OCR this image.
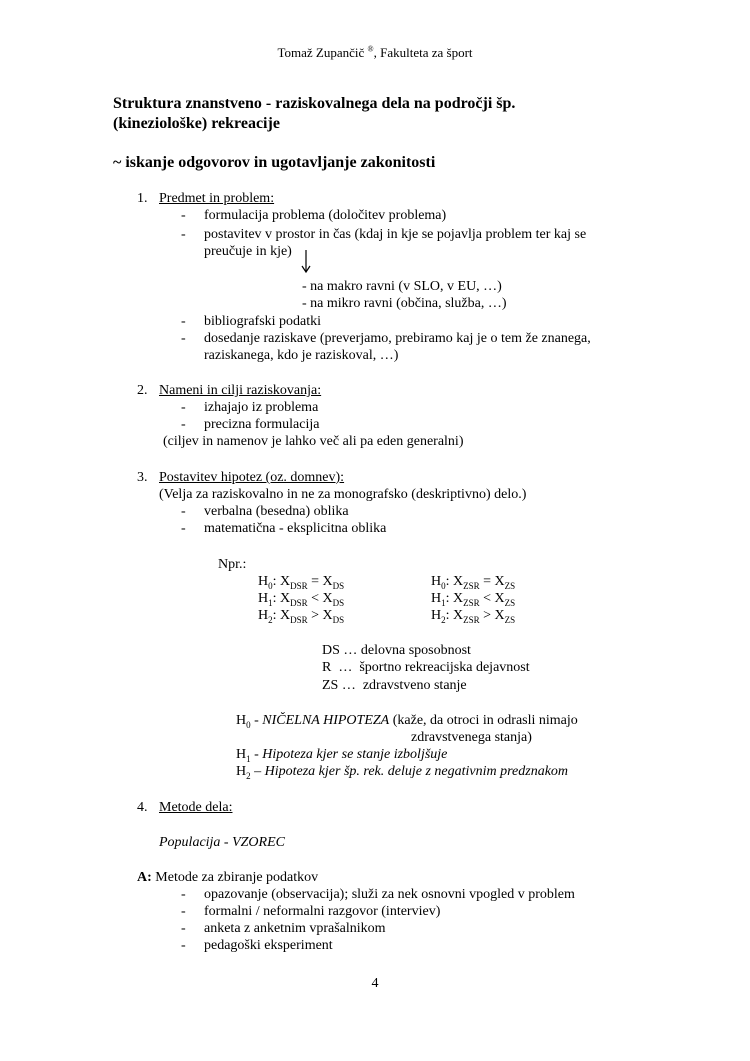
Tomaž Zupančič ®, Fakulteta za šport
Struktura znanstveno - raziskovalnega dela na področji šp.
(kineziološke) rekreacije
~ iskanje odgovorov in ugotavljanje zakonitosti
1. Predmet in problem:
- formulacija problema (določitev problema)
- postavitev v prostor in čas (kdaj in kje se pojavlja problem ter kaj se
preučuje in kje)
- na makro ravni (v SLO, v EU, …)
- na mikro ravni (občina, služba, …)
- bibliografski podatki
- dosedanje raziskave (preverjamo, prebiramo kaj je o tem že znanega,
raziskanega, kdo je raziskoval, …)
2. Nameni in cilji raziskovanja:
- izhajajo iz problema
- precizna formulacija
(ciljev in namenov je lahko več ali pa eden generalni)
3. Postavitev hipotez (oz. domnev):
(Velja za raziskovalno in ne za monografsko (deskriptivno) delo.)
- verbalna (besedna) oblika
- matematična - eksplicitna oblika
Npr.:
$H_0$: $X_{DSR} = X_{DS}$
$H_1$: $X_{DSR} < X_{DS}$
$H_2$: $X_{DSR} > X_{DS}$
$H_0$: $X_{ZSR} = X_{ZS}$
$H_1$: $X_{ZSR} < X_{ZS}$
$H_2$: $X_{ZSR} > X_{ZS}$
DS … delovna sposobnost
R  …  športno rekreacijska dejavnost
ZS …  zdravstveno stanje
$H_0$ - NIČELNA HIPOTEZA (kaže, da otroci in odrasli nimajo
zdravstvenega stanja)
$H_1$ - Hipoteza kjer se stanje izboljšuje
$H_2$ – Hipoteza kjer šp. rek. deluje z negativnim predznakom
4. Metode dela:
Populacija - VZOREC
A: Metode za zbiranje podatkov
- opazovanje (observacija); služi za nek osnovni vpogled v problem
- formalni / neformalni razgovor (interviev)
- anketa z anketnim vprašalnikom
- pedagoški eksperiment
4
